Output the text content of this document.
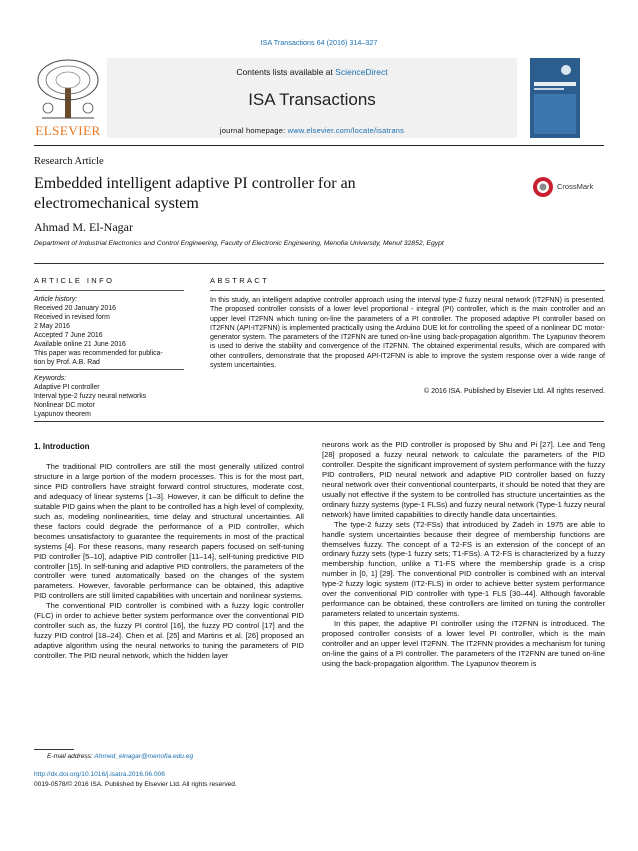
ISA Transactions 64 (2016) 314–327
ELSEVIER
Contents lists available at ScienceDirect
ISA Transactions
journal homepage: www.elsevier.com/locate/isatrans
Research Article
Embedded intelligent adaptive PI controller for an electromechanical system
CrossMark
Ahmad M. El-Nagar
Department of Industrial Electronics and Control Engineering, Faculty of Electronic Engineering, Menofia University, Menuf 32852, Egypt
ARTICLE INFO
Article history:
Received 20 January 2016
Received in revised form
2 May 2016
Accepted 7 June 2016
Available online 21 June 2016
This paper was recommended for publica-
tion by Prof. A.B. Rad
Keywords:
Adaptive PI controller
Interval type-2 fuzzy neural networks
Nonlinear DC motor
Lyapunov theorem
ABSTRACT
In this study, an intelligent adaptive controller approach using the interval type-2 fuzzy neural network (IT2FNN) is presented. The proposed controller consists of a lower level proportional - integral (PI) controller, which is the main controller and an upper level IT2FNN which tuning on-line the parameters of a PI controller. The proposed adaptive PI controller based on IT2FNN (API-IT2FNN) is implemented practically using the Arduino DUE kit for controlling the speed of a nonlinear DC motor-generator system. The parameters of the IT2FNN are tuned on-line using back-propagation algorithm. The Lyapunov theorem is used to derive the stability and convergence of the IT2FNN. The obtained experimental results, which are compared with other controllers, demonstrate that the proposed API-IT2FNN is able to improve the system response over a wide range of system uncertainties.
© 2016 ISA. Published by Elsevier Ltd. All rights reserved.
1. Introduction

The traditional PID controllers are still the most generally utilized control structure in a large portion of the modern processes. This is for the most part, since PID controllers have straight forward control structures, moderate cost, and adequacy of linear systems [1–3]. However, it can be difficult to define the suitable PID gains when the plant to be controlled has a high level of complexity, such as, modeling nonlinearities, time delay and structural uncertainties. All these factors could degrade the performance of a PID controller, which becomes unsatisfactory to guarantee the requirements in most of the practical systems [4]. For these reasons, many research papers focused on self-tuning PID controller [5–10], adaptive PID controller [11–14], self-tuning predictive PID controller [15]. In self-tuning and adaptive PID controllers, the parameters of the controller were tuned automatically based on the changes of the system parameters. However, favorable performance can be obtained, this adaptive PID controllers are still limited capabilities with uncertain and nonlinear systems.

The conventional PID controller is combined with a fuzzy logic controller (FLC) in order to achieve better system performance over the conventional PID controller such as, the fuzzy PI control [16], the fuzzy PD control [17] and the fuzzy PID control [18–24]. Chen et al. [25] and Martins et al. [26] proposed an adaptive algorithm using the neural networks to tuning the parameters of PID controller. The PID neural network, which the hidden layer

neurons work as the PID controller is proposed by Shu and Pi [27]. Lee and Teng [28] proposed a fuzzy neural network to calculate the parameters of the PID controller. Despite the significant improvement of system performance with the fuzzy PID controllers, PID neural network and adaptive PID controller based on fuzzy neural network over their conventional counterparts, it should be noted that they are usually not effective if the system to be controlled has structure uncertainties as the ordinary fuzzy systems (type-1 FLSs) and fuzzy neural network (Type-1 fuzzy neural network) have limited capabilities to directly handle data uncertainties.

The type-2 fuzzy sets (T2-FSs) that introduced by Zadeh in 1975 are able to handle system uncertainties because their degree of membership functions are themselves fuzzy. The concept of a T2-FS is an extension of the concept of an ordinary fuzzy sets (type-1 fuzzy sets; T1-FSs). A T2-FS is characterized by a fuzzy membership function, unlike a T1-FS where the membership grade is a crisp number in [0, 1] [29]. The conventional PID controller is combined with an interval type-2 fuzzy logic system (IT2-FLS) in order to achieve better system performance over the conventional PID controller with type-1 FLS [30–44]. Although favorable performance can be obtained, these controllers are limited on tuning the controller parameters related to uncertain systems.

In this paper, the adaptive PI controller using the IT2FNN is introduced. The proposed controller consists of a lower level PI controller, which is the main controller and an upper level IT2FNN. The IT2FNN provides a mechanism for tuning on-line the gains of a PI controller. The parameters of the IT2FNN are tuned on-line using the back-propagation algorithm. The Lyapunov theorem is

E-mail address: Ahmed_elnagar@menofia.edu.eg
http://dx.doi.org/10.1016/j.isatra.2016.06.006
0019-0578/© 2016 ISA. Published by Elsevier Ltd. All rights reserved.
